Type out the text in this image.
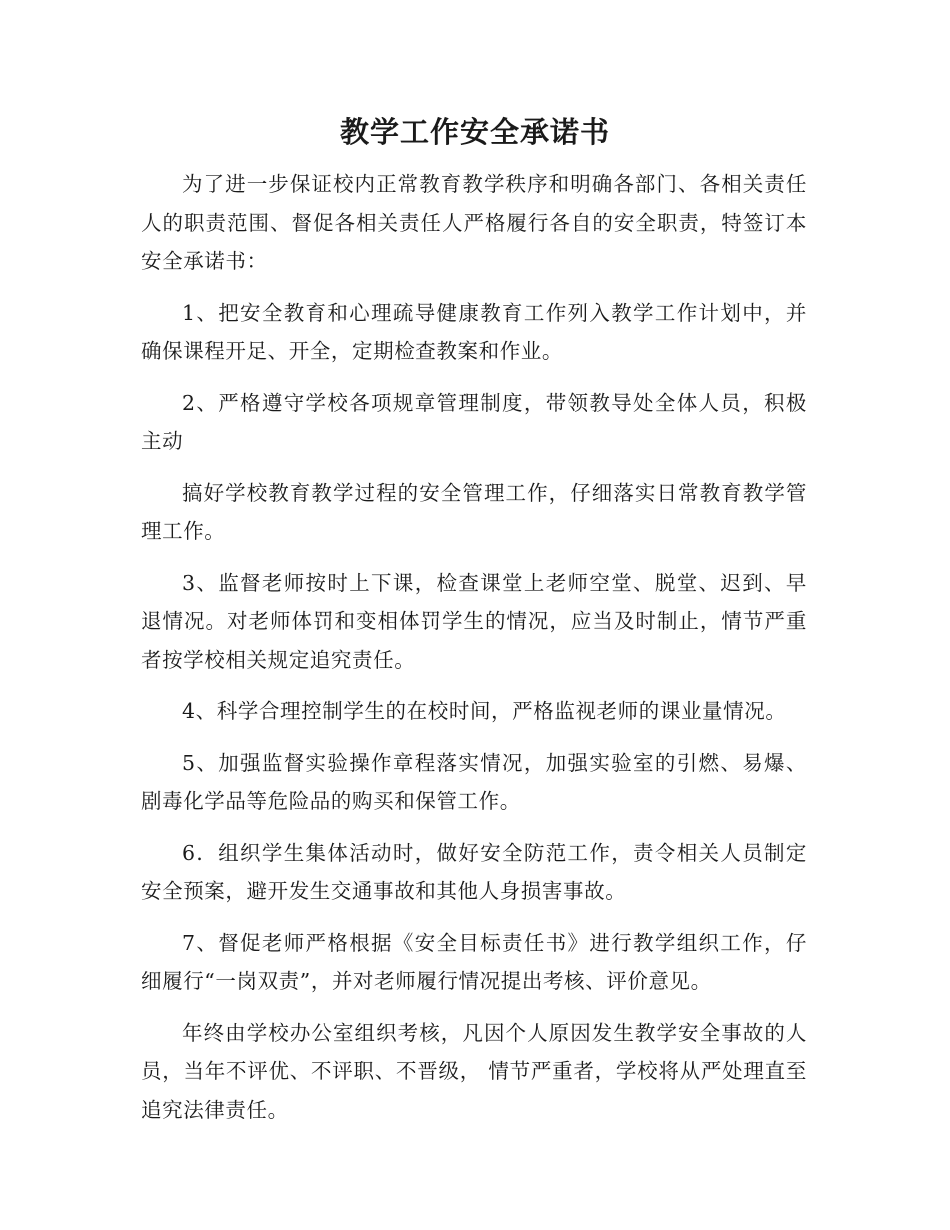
教学工作安全承诺书

为了进一步保证校内正常教育教学秩序和明确各部门、各相关责任人的职责范围、督促各相关责任人严格履行各自的安全职责，特签订本安全承诺书：

1、把安全教育和心理疏导健康教育工作列入教学工作计划中，并确保课程开足、开全，定期检查教案和作业。

2、严格遵守学校各项规章管理制度，带领教导处全体人员，积极主动

搞好学校教育教学过程的安全管理工作，仔细落实日常教育教学管理工作。

3、监督老师按时上下课，检查课堂上老师空堂、脱堂、迟到、早退情况。对老师体罚和变相体罚学生的情况，应当及时制止，情节严重者按学校相关规定追究责任。

4、科学合理控制学生的在校时间，严格监视老师的课业量情况。

5、加强监督实验操作章程落实情况，加强实验室的引燃、易爆、剧毒化学品等危险品的购买和保管工作。

6．组织学生集体活动时，做好安全防范工作，责令相关人员制定安全预案，避开发生交通事故和其他人身损害事故。

7、督促老师严格根据《安全目标责任书》进行教学组织工作，仔细履行“一岗双责”，并对老师履行情况提出考核、评价意见。

年终由学校办公室组织考核，凡因个人原因发生教学安全事故的人员，当年不评优、不评职、不晋级， 情节严重者，学校将从严处理直至追究法律责任。
